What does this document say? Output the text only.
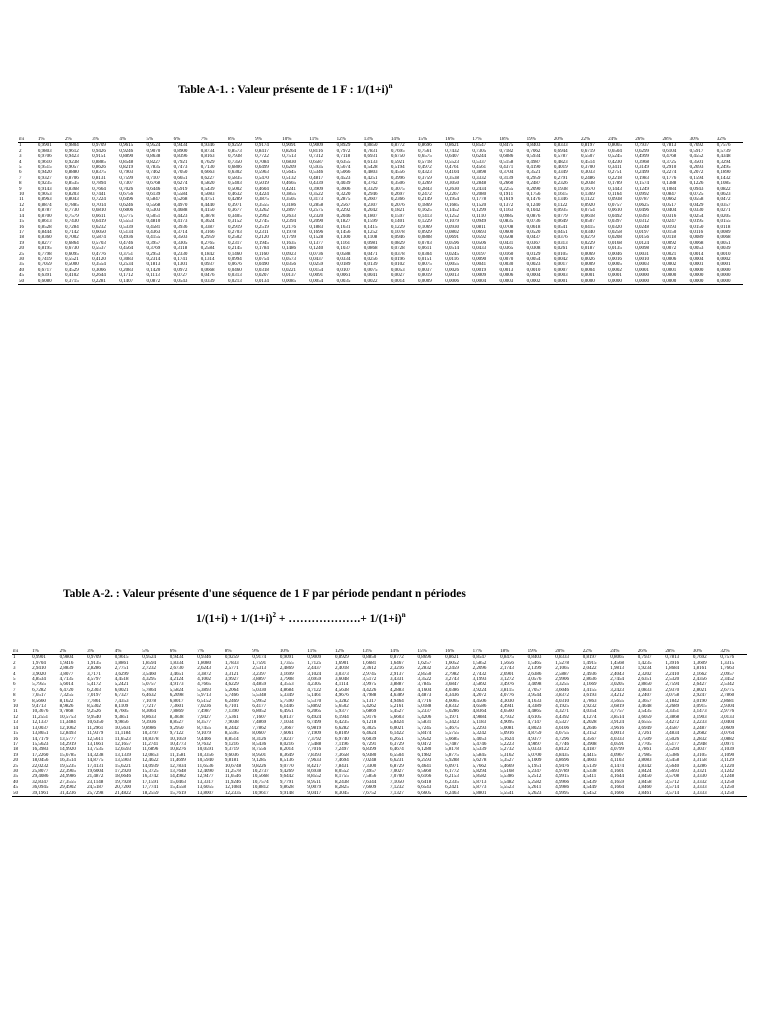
Table A-1. : Valeur présente de 1 F : $1/(1+i)^n$
n\i	1%	2%	3%	4%	5%	6%	7%	8%	9%	10%	11%	12%	13%	14%	15%	16%	17%	18%	19%	20%	22%	24%	26%	28%	30%	32%
1	0,9901	0,9804	0,9709	0,9615	0,9524	0,9434	0,9346	0,9259	0,9174	0,9091	0,9009	0,8929	0,8850	0,8772	0,8696	0,8621	0,8547	0,8475	0,8403	0,8333	0,8197	0,8065	0,7937	0,7813	0,7692	0,7576
2	0,9803	0,9612	0,9426	0,9246	0,9070	0,8900	0,8734	0,8573	0,8417	0,8264	0,8116	0,7972	0,7831	0,7695	0,7561	0,7432	0,7305	0,7182	0,7062	0,6944	0,6719	0,6504	0,6299	0,6104	0,5917	0,5739
3	0,9706	0,9423	0,9151	0,8890	0,8638	0,8396	0,8163	0,7938	0,7722	0,7513	0,7312	0,7118	0,6931	0,6750	0,6575	0,6407	0,6244	0,6086	0,5934	0,5787	0,5507	0,5245	0,4999	0,4768	0,4552	0,4348
4	0,9610	0,9238	0,8885	0,8548	0,8227	0,7921	0,7629	0,7350	0,7084	0,6830	0,6587	0,6355	0,6133	0,5921	0,5718	0,5523	0,5337	0,5158	0,4987	0,4823	0,4514	0,4230	0,3968	0,3725	0,3501	0,3294
5	0,9515	0,9057	0,8626	0,8219	0,7835	0,7473	0,7130	0,6806	0,6499	0,6209	0,5935	0,5674	0,5428	0,5194	0,4972	0,4761	0,4561	0,4371	0,4190	0,4019	0,3700	0,3411	0,3149	0,2910	0,2693	0,2495
6	0,9420	0,8880	0,8375	0,7903	0,7462	0,7050	0,6663	0,6302	0,5963	0,5645	0,5346	0,5066	0,4803	0,4556	0,4323	0,4104	0,3898	0,3704	0,3521	0,3349	0,3033	0,2751	0,2499	0,2274	0,2072	0,1890
7	0,9327	0,8706	0,8131	0,7599	0,7107	0,6651	0,6227	0,5835	0,5470	0,5132	0,4817	0,4523	0,4251	0,3996	0,3759	0,3538	0,3332	0,3139	0,2959	0,2791	0,2486	0,2218	0,1983	0,1776	0,1594	0,1432
8	0,9235	0,8535	0,7894	0,7307	0,6768	0,6274	0,5820	0,5403	0,5019	0,4665	0,4339	0,4039	0,3762	0,3506	0,3269	0,3050	0,2848	0,2660	0,2487	0,2326	0,2038	0,1789	0,1574	0,1388	0,1226	0,1085
9	0,9143	0,8368	0,7664	0,7026	0,6446	0,5919	0,5439	0,5002	0,4604	0,4241	0,3909	0,3606	0,3329	0,3075	0,2843	0,2630	0,2434	0,2255	0,2090	0,1938	0,1670	0,1443	0,1249	0,1084	0,0943	0,0822
10	0,9053	0,8203	0,7441	0,6756	0,6139	0,5584	0,5083	0,4632	0,4224	0,3855	0,3522	0,3220	0,2946	0,2697	0,2472	0,2267	0,2080	0,1911	0,1756	0,1615	0,1369	0,1164	0,0992	0,0847	0,0725	0,0623
11	0,8963	0,8043	0,7224	0,6496	0,5847	0,5268	0,4751	0,4289	0,3875	0,3505	0,3173	0,2875	0,2607	0,2366	0,2149	0,1954	0,1778	0,1619	0,1476	0,1346	0,1122	0,0938	0,0787	0,0662	0,0558	0,0472
12	0,8874	0,7885	0,7014	0,6246	0,5568	0,4970	0,4440	0,3971	0,3555	0,3186	0,2858	0,2567	0,2307	0,2076	0,1869	0,1685	0,1520	0,1372	0,1240	0,1122	0,0920	0,0757	0,0625	0,0517	0,0429	0,0357
13	0,8787	0,7730	0,6810	0,6006	0,5303	0,4688	0,4150	0,3677	0,3262	0,2897	0,2575	0,2292	0,2042	0,1821	0,1625	0,1452	0,1299	0,1163	0,1042	0,0935	0,0754	0,0610	0,0496	0,0404	0,0330	0,0271
14	0,8700	0,7579	0,6611	0,5775	0,5051	0,4423	0,3878	0,3405	0,2992	0,2633	0,2320	0,2046	0,1807	0,1597	0,1413	0,1252	0,1110	0,0985	0,0876	0,0779	0,0618	0,0492	0,0393	0,0316	0,0254	0,0205
15	0,8613	0,7430	0,6419	0,5553	0,4810	0,4173	0,3624	0,3152	0,2745	0,2394	0,2090	0,1827	0,1599	0,1401	0,1229	0,1079	0,0949	0,0835	0,0736	0,0649	0,0507	0,0397	0,0312	0,0247	0,0195	0,0155
16	0,8528	0,7284	0,6232	0,5339	0,4581	0,3936	0,3387	0,2919	0,2519	0,2176	0,1883	0,1631	0,1415	0,1229	0,1069	0,0930	0,0811	0,0708	0,0618	0,0541	0,0415	0,0320	0,0248	0,0193	0,0150	0,0118
17	0,8444	0,7142	0,6050	0,5134	0,4363	0,3714	0,3166	0,2703	0,2311	0,1978	0,1696	0,1456	0,1252	0,1078	0,0929	0,0802	0,0693	0,0600	0,0520	0,0451	0,0340	0,0258	0,0197	0,0150	0,0116	0,0089
18	0,8360	0,7002	0,5874	0,4936	0,4155	0,3503	0,2959	0,2502	0,2120	0,1799	0,1528	0,1300	0,1108	0,0946	0,0808	0,0691	0,0592	0,0508	0,0437	0,0376	0,0279	0,0208	0,0156	0,0118	0,0089	0,0068
19	0,8277	0,6864	0,5703	0,4746	0,3957	0,3305	0,2765	0,2317	0,1945	0,1635	0,1377	0,1161	0,0981	0,0829	0,0703	0,0596	0,0506	0,0431	0,0367	0,0313	0,0229	0,0168	0,0124	0,0092	0,0068	0,0051
20	0,8195	0,6730	0,5537	0,4564	0,3769	0,3118	0,2584	0,2145	0,1784	0,1486	0,1240	0,1037	0,0868	0,0728	0,0611	0,0514	0,0433	0,0365	0,0308	0,0261	0,0187	0,0135	0,0098	0,0072	0,0053	0,0039
25	0,7798	0,6095	0,4776	0,3751	0,2953	0,2330	0,1842	0,1460	0,1160	0,0923	0,0736	0,0588	0,0471	0,0378	0,0304	0,0245	0,0197	0,0160	0,0129	0,0105	0,0069	0,0046	0,0031	0,0021	0,0014	0,0010
30	0,7419	0,5521	0,4120	0,3083	0,2314	0,1741	0,1314	0,0994	0,0754	0,0573	0,0437	0,0334	0,0256	0,0196	0,0151	0,0116	0,0090	0,0070	0,0054	0,0042	0,0026	0,0016	0,0010	0,0006	0,0004	0,0002
35	0,7059	0,5000	0,3554	0,2534	0,1813	0,1301	0,0937	0,0676	0,0490	0,0356	0,0259	0,0189	0,0139	0,0102	0,0075	0,0055	0,0041	0,0030	0,0023	0,0017	0,0009	0,0005	0,0003	0,0002	0,0001	0,0001
40	0,6717	0,4529	0,3066	0,2083	0,1420	0,0972	0,0668	0,0460	0,0318	0,0221	0,0154	0,0107	0,0075	0,0053	0,0037	0,0026	0,0019	0,0013	0,0010	0,0007	0,0004	0,0002	0,0001	0,0001	0,0000	0,0000
45	0,6391	0,4102	0,2644	0,1712	0,1113	0,0727	0,0476	0,0313	0,0207	0,0137	0,0091	0,0061	0,0041	0,0027	0,0019	0,0013	0,0009	0,0006	0,0004	0,0003	0,0001	0,0001	0,0000	0,0000	0,0000	0,0000
50	0,6080	0,3715	0,2281	0,1407	0,0872	0,0543	0,0339	0,0213	0,0134	0,0085	0,0054	0,0035	0,0022	0,0014	0,0009	0,0006	0,0004	0,0003	0,0002	0,0001	0,0000	0,0000	0,0000	0,0000	0,0000	0,0000
Table A-2. : Valeur présente d'une séquence de 1 F par période pendant n périodes
$1/(1+i) + 1/(1+i)^2$ + ……………….+ $1/(1+i)^n$
n\i	1%	2%	3%	4%	5%	6%	7%	8%	9%	10%	11%	12%	13%	14%	15%	16%	17%	18%	19%	20%	22%	24%	26%	28%	30%	32%
1	0,9901	0,9804	0,9709	0,9615	0,9524	0,9434	0,9346	0,9259	0,9174	0,9091	0,9009	0,8929	0,8850	0,8772	0,8696	0,8621	0,8547	0,8475	0,8403	0,8333	0,8197	0,8065	0,7937	0,7813	0,7692	0,7576
2	1,9704	1,9416	1,9135	1,8861	1,8594	1,8334	1,8080	1,7833	1,7591	1,7355	1,7125	1,6901	1,6681	1,6467	1,6257	1,6052	1,5852	1,5656	1,5465	1,5278	1,4915	1,4568	1,4235	1,3916	1,3609	1,3315
3	2,9410	2,8839	2,8286	2,7751	2,7232	2,6730	2,6243	2,5771	2,5313	2,4869	2,4437	2,4018	2,3612	2,3216	2,2832	2,2459	2,2096	2,1743	2,1399	2,1065	2,0422	1,9813	1,9234	1,8684	1,8161	1,7663
4	3,9020	3,8077	3,7171	3,6299	3,5460	3,4651	3,3872	3,3121	3,2397	3,1699	3,1024	3,0373	2,9745	2,9137	2,8550	2,7982	2,7432	2,6901	2,6386	2,5887	2,4936	2,4043	2,3202	2,2410	2,1662	2,0957
5	4,8534	4,7135	4,5797	4,4518	4,3295	4,2124	4,1002	3,9927	3,8897	3,7908	3,6959	3,6048	3,5172	3,4331	3,3522	3,2743	3,1993	3,1272	3,0576	2,9906	2,8636	2,7454	2,6351	2,5320	2,4356	2,3452
6	5,7955	5,6014	5,4172	5,2421	5,0757	4,9173	4,7665	4,6229	4,4859	4,3553	4,2305	4,1114	3,9975	3,8887	3,7845	3,6847	3,5892	3,4976	3,4098	3,3255	3,1669	3,0205	2,8850	2,7594	2,6427	2,5342
7	6,7282	6,4720	6,2303	6,0021	5,7864	5,5824	5,3893	5,2064	5,0330	4,8684	4,7122	4,5638	4,4226	4,2883	4,1604	4,0386	3,9224	3,8115	3,7057	3,6046	3,4155	3,2423	3,0833	2,9370	2,8021	2,6775
8	7,6517	7,3255	7,0197	6,7327	6,4632	6,2098	5,9713	5,7466	5,5348	5,3349	5,1461	4,9676	4,7988	4,6389	4,4873	4,3436	4,2072	4,0776	3,9544	3,8372	3,6193	3,4212	3,2407	3,0758	2,9247	2,7860
9	8,5660	8,1622	7,7861	7,4353	7,1078	6,8017	6,5152	6,2469	5,9952	5,7590	5,5370	5,3282	5,1317	4,9464	4,7716	4,6065	4,4506	4,3030	4,1633	4,0310	3,7863	3,5655	3,3657	3,1842	3,0190	2,8681
10	9,4713	8,9826	8,5302	8,1109	7,7217	7,3601	7,0236	6,7101	6,4177	6,1446	5,8892	5,6502	5,4262	5,2161	5,0188	4,8332	4,6586	4,4941	4,3389	4,1925	3,9232	3,6819	3,4648	3,2689	3,0915	2,9304
11	10,3676	9,7868	9,2526	8,7605	8,3064	7,8869	7,4987	7,1390	6,8052	6,4951	6,2065	5,9377	5,6869	5,4527	5,2337	5,0286	4,8364	4,6560	4,4865	4,3271	4,0354	3,7757	3,5435	3,3351	3,1473	2,9776
12	11,2551	10,5753	9,9540	9,3851	8,8633	8,3838	7,9427	7,5361	7,1607	6,8137	6,4924	6,1944	5,9176	5,6603	5,4206	5,1971	4,9884	4,7932	4,6105	4,4392	4,1274	3,8514	3,6059	3,3868	3,1903	3,0133
13	12,1337	11,3484	10,6350	9,9856	9,3936	8,8527	8,3577	7,9038	7,4869	7,1034	6,7499	6,4235	6,1218	5,8424	5,5831	5,3423	5,1183	4,9095	4,7147	4,5327	4,2028	3,9124	3,6555	3,4272	3,2233	3,0404
14	13,0037	12,1062	11,2961	10,5631	9,8986	9,2950	8,7455	8,2442	7,7862	7,3667	6,9819	6,6282	6,3025	6,0021	5,7245	5,4675	5,2293	5,0081	4,8023	4,6106	4,2646	3,9616	3,6949	3,4587	3,2487	3,0609
15	13,8651	12,8493	11,9379	11,1184	10,3797	9,7122	9,1079	8,5595	8,0607	7,6061	7,1909	6,8109	6,4624	6,1422	5,8474	5,5755	5,3242	5,0916	4,8759	4,6755	4,3152	4,0013	3,7261	3,4834	3,2682	3,0764
16	14,7179	13,5777	12,5611	11,6523	10,8378	10,1059	9,4466	8,8514	8,3126	7,8237	7,3792	6,9740	6,6039	6,2651	5,9542	5,6685	5,4053	5,1624	4,9377	4,7296	4,3567	4,0333	3,7509	3,5026	3,2832	3,0882
17	15,5623	14,2919	13,1661	12,1657	11,2741	10,4773	9,7632	9,1216	8,5436	8,0216	7,5488	7,1196	6,7291	6,3729	6,0472	5,7487	5,4746	5,2223	4,9897	4,7746	4,3908	4,0591	3,7705	3,5177	3,2948	3,0971
18	16,3983	14,9920	13,7535	12,6593	11,6896	10,8276	10,0591	9,3719	8,7556	8,2014	7,7016	7,2497	6,8399	6,4674	6,1280	5,8178	5,5339	5,2732	5,0333	4,8122	4,4187	4,0799	3,7861	3,5294	3,3037	3,1039
19	17,2260	15,6785	14,3238	13,1339	12,0853	11,1581	10,3356	9,6036	8,9501	8,3649	7,8393	7,3658	6,9380	6,5504	6,1982	5,8775	5,5845	5,3162	5,0700	4,8435	4,4415	4,0967	3,7985	3,5386	3,3105	3,1090
20	18,0456	16,3514	14,8775	13,5903	12,4622	11,4699	10,5940	9,8181	9,1285	8,5136	7,9633	7,4694	7,0248	6,6231	6,2593	5,9288	5,6278	5,3527	5,1009	4,8696	4,4603	4,1103	3,8083	3,5458	3,3158	3,1129
25	22,0232	19,5235	17,4131	15,6221	14,0939	12,7834	11,6536	10,6748	9,8226	9,0770	8,4217	7,8431	7,3300	6,8729	6,4641	6,0971	5,7662	5,4669	5,1951	4,9476	4,5139	4,1474	3,8342	3,5640	3,3286	3,1220
30	25,8077	22,3965	19,6004	17,2920	15,3725	13,7648	12,4090	11,2578	10,2737	9,4269	8,6938	8,0552	7,4957	7,0027	6,5660	6,1772	5,8294	5,5168	5,2347	4,9789	4,5338	4,1601	3,8424	3,5693	3,3321	3,1242
35	29,4086	24,9986	21,4872	18,6646	16,3742	14,4982	12,9477	11,6546	10,5668	9,6442	8,8552	8,1755	7,5856	7,0700	6,6166	6,2153	5,8582	5,5386	5,2512	4,9915	4,5411	4,1644	3,8450	3,5708	3,3330	3,1248
40	32,8347	27,3555	23,1148	19,7928	17,1591	15,0463	13,3317	11,9246	10,7574	9,7791	8,9511	8,2438	7,6344	7,1050	6,6418	6,2335	5,8713	5,5482	5,2582	4,9966	4,5439	4,1659	3,8458	3,5712	3,3332	3,1250
45	36,0945	29,4902	24,5187	20,7200	17,7741	15,4558	13,6055	12,1084	10,8812	9,8628	9,0079	8,2825	7,6609	7,1232	6,6543	6,2421	5,8773	5,5523	5,2611	4,9986	4,5449	4,1664	3,8460	3,5714	3,3333	3,1250
50	39,1961	31,4236	25,7298	21,4822	18,2559	15,7619	13,8007	12,2335	10,9617	9,9148	9,0417	8,3045	7,6752	7,1327	6,6605	6,2463	5,8801	5,5541	5,2623	4,9995	4,5452	4,1666	3,8461	3,5714	3,3333	3,1250
